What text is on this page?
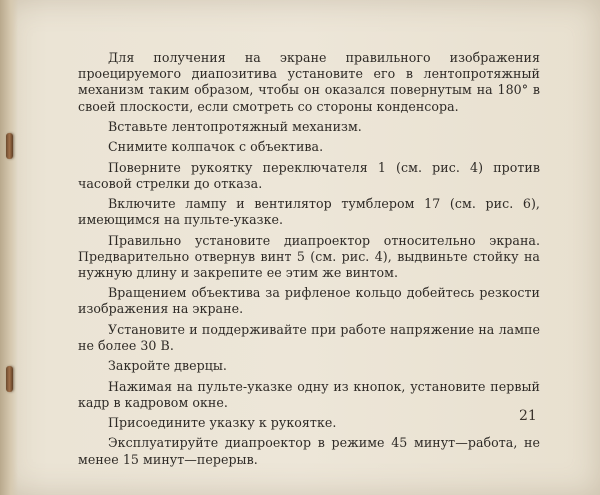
Для получения на экране правильного изображения проецируемого диапозитива установите его в лентопротяжный механизм таким образом, чтобы он оказался повернутым на 180° в своей плоскости, если смотреть со стороны конденсора.

Вставьте лентопротяжный механизм.

Снимите колпачок с объектива.

Поверните рукоятку переключателя 1 (см. рис. 4) против часовой стрелки до отказа.

Включите лампу и вентилятор тумблером 17 (см. рис. 6), имеющимся на пульте-указке.

Правильно установите диапроектор относительно экрана. Предварительно отвернув винт 5 (см. рис. 4), выдвиньте стойку на нужную длину и закрепите ее этим же винтом.

Вращением объектива за рифленое кольцо добейтесь резкости изображения на экране.

Установите и поддерживайте при работе напряжение на лампе не более 30 В.

Закройте дверцы.

Нажимая на пульте-указке одну из кнопок, установите первый кадр в кадровом окне.

Присоедините указку к рукоятке.

Эксплуатируйте диапроектор в режиме 45 минут—работа, не менее 15 минут—перерыв.

21
